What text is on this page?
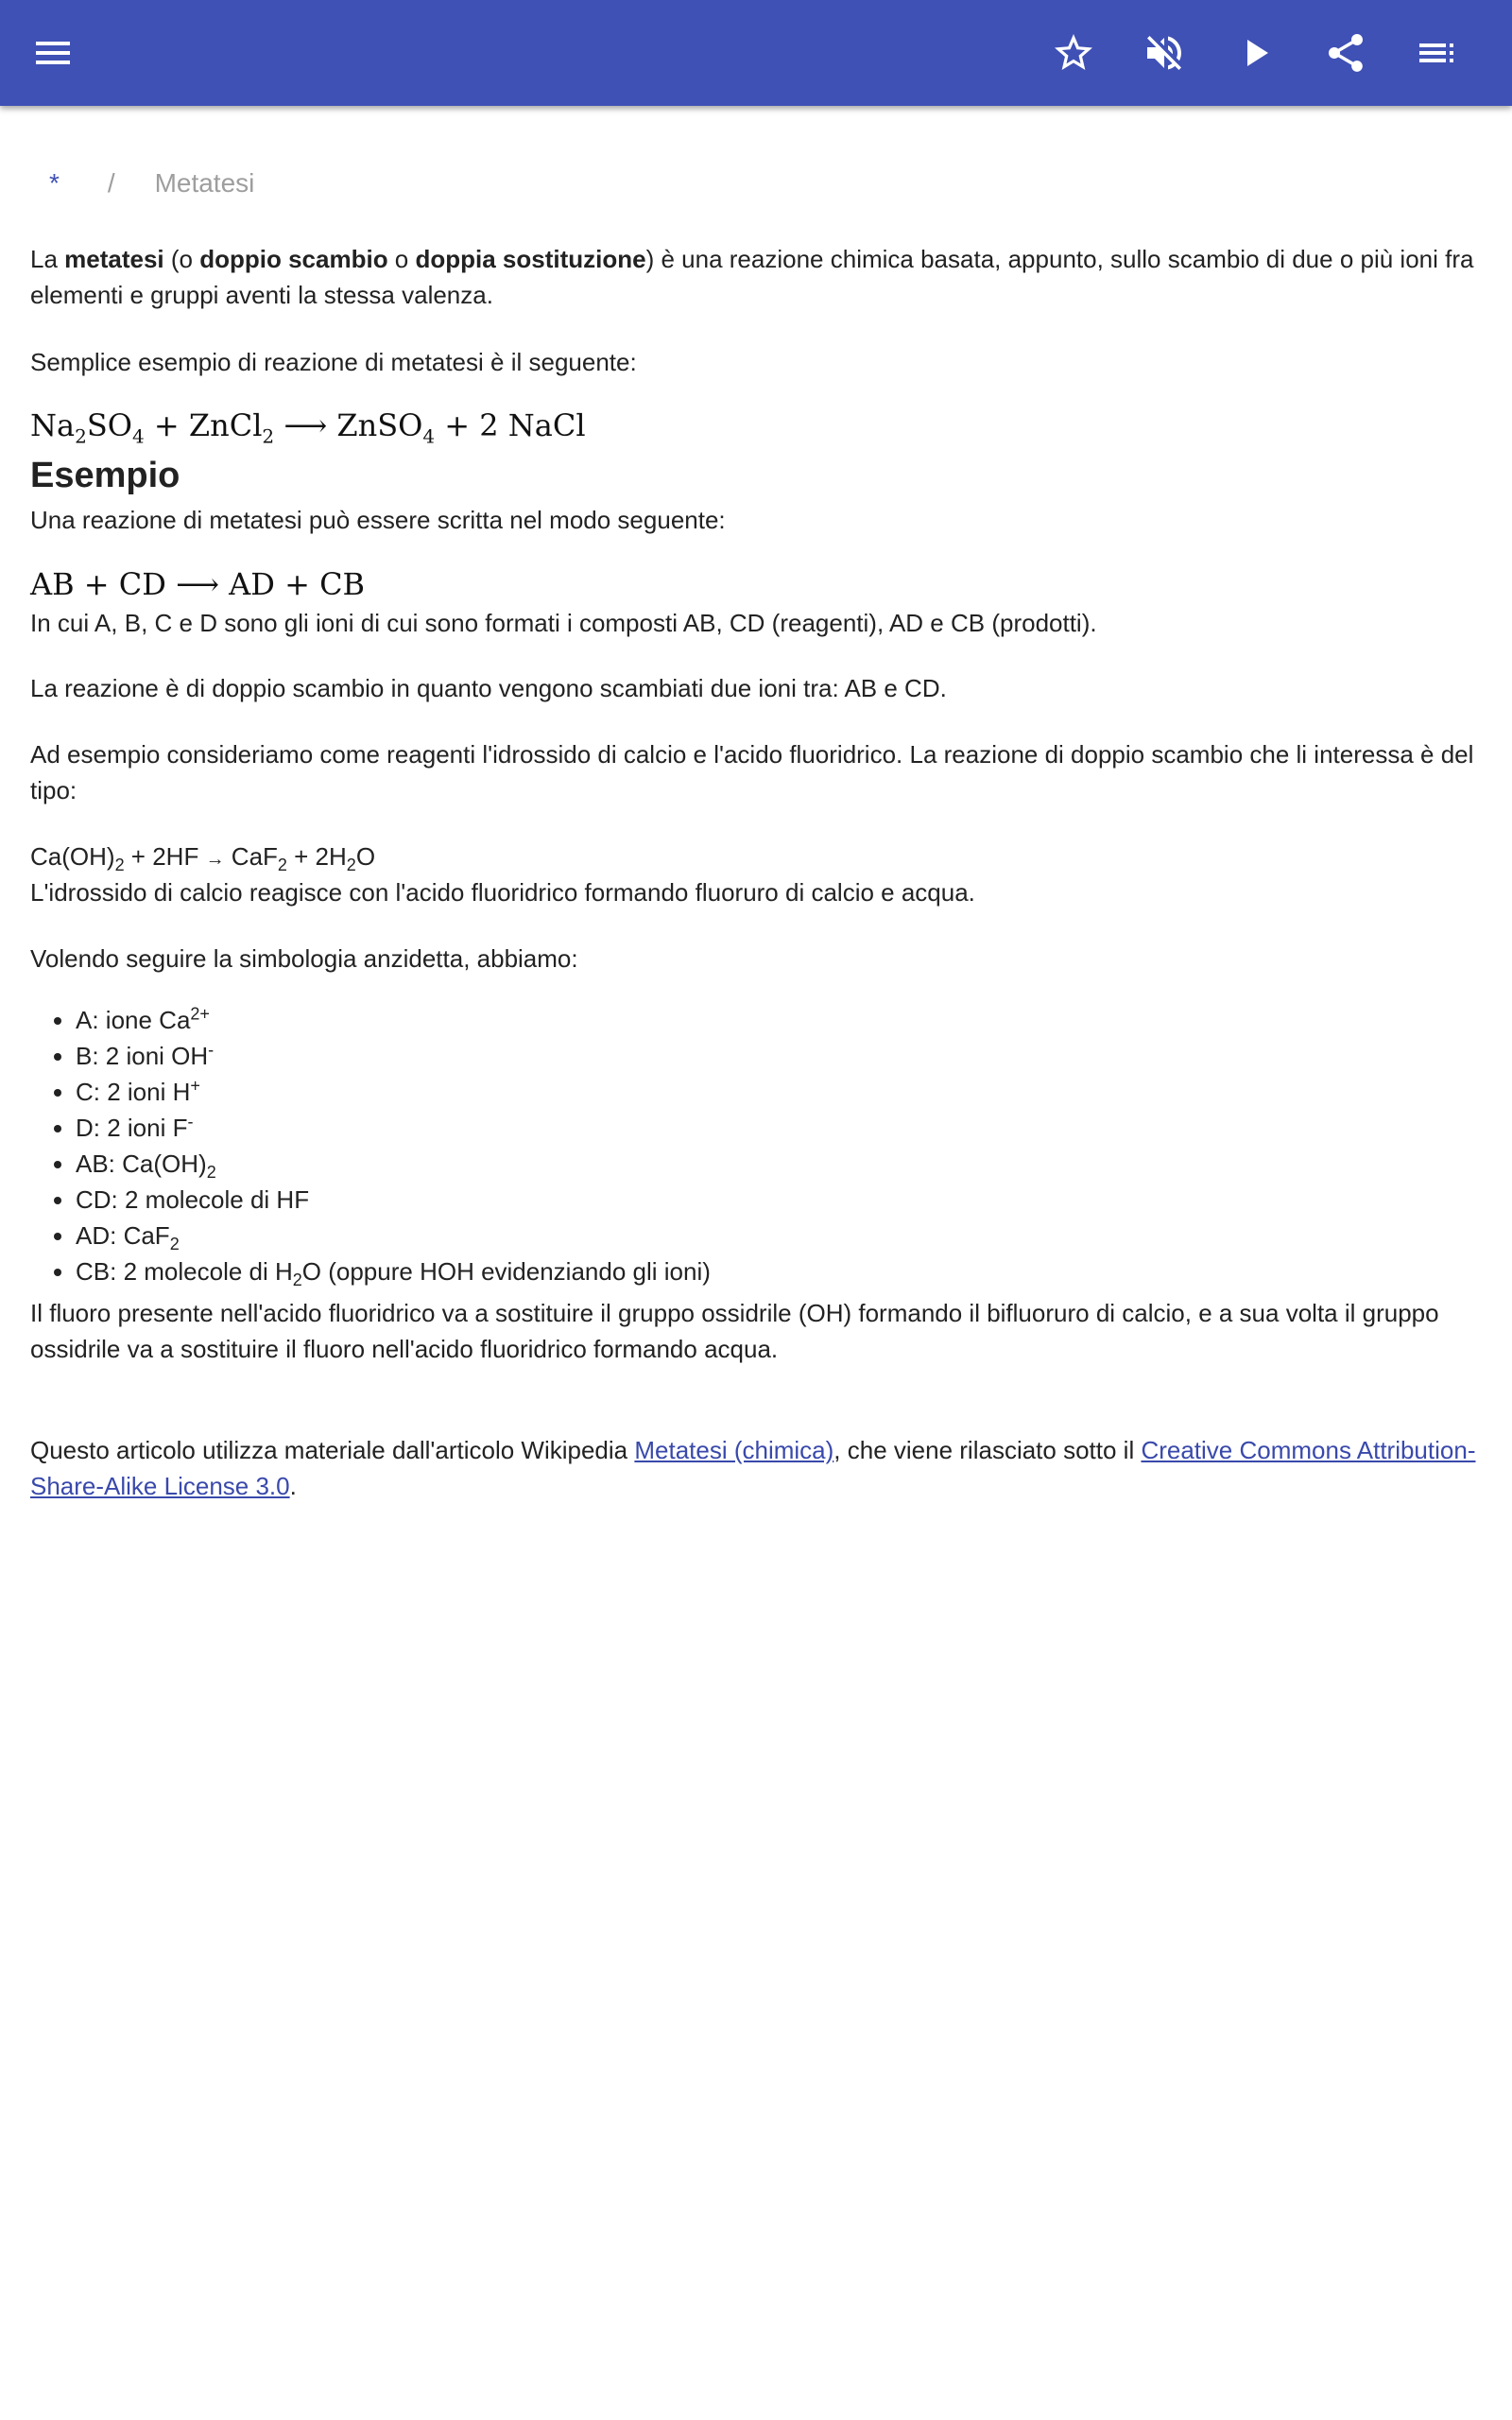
* / Metatesi
La metatesi (o doppio scambio o doppia sostituzione) è una reazione chimica basata, appunto, sullo scambio di due o più ioni fra elementi e gruppi aventi la stessa valenza.
Semplice esempio di reazione di metatesi è il seguente:
$Na_2SO_4$ + ZnCl$_2$ ⟶ ZnSO$_4$ + 2 NaCl
Esempio
Una reazione di metatesi può essere scritta nel modo seguente:
AB + CD ⟶ AD + CB
In cui A, B, C e D sono gli ioni di cui sono formati i composti AB, CD (reagenti), AD e CB (prodotti).
La reazione è di doppio scambio in quanto vengono scambiati due ioni tra: AB e CD.
Ad esempio consideriamo come reagenti l'idrossido di calcio e l'acido fluoridrico. La reazione di doppio scambio che li interessa è del tipo:
$Ca(OH)_2 + 2HF \to CaF_2 + 2H_2O$
L'idrossido di calcio reagisce con l'acido fluoridrico formando fluoruro di calcio e acqua.
Volendo seguire la simbologia anzidetta, abbiamo:
• A: ione $Ca^{2+}$
• B: 2 ioni OH-
• C: 2 ioni H+
• D: 2 ioni F-
• AB: $Ca(OH)_2$
• CD: 2 molecole di HF
• AD: CaF$_2$
• CB: 2 molecole di $H_2O$ (oppure HOH evidenziando gli ioni)
Il fluoro presente nell'acido fluoridrico va a sostituire il gruppo ossidrile (OH) formando il bifluoruro di calcio, e a sua volta il gruppo ossidrile va a sostituire il fluoro nell'acido fluoridrico formando acqua.
Questo articolo utilizza materiale dall'articolo Wikipedia Metatesi (chimica), che viene rilasciato sotto il Creative Commons Attribution-Share-Alike License 3.0.
